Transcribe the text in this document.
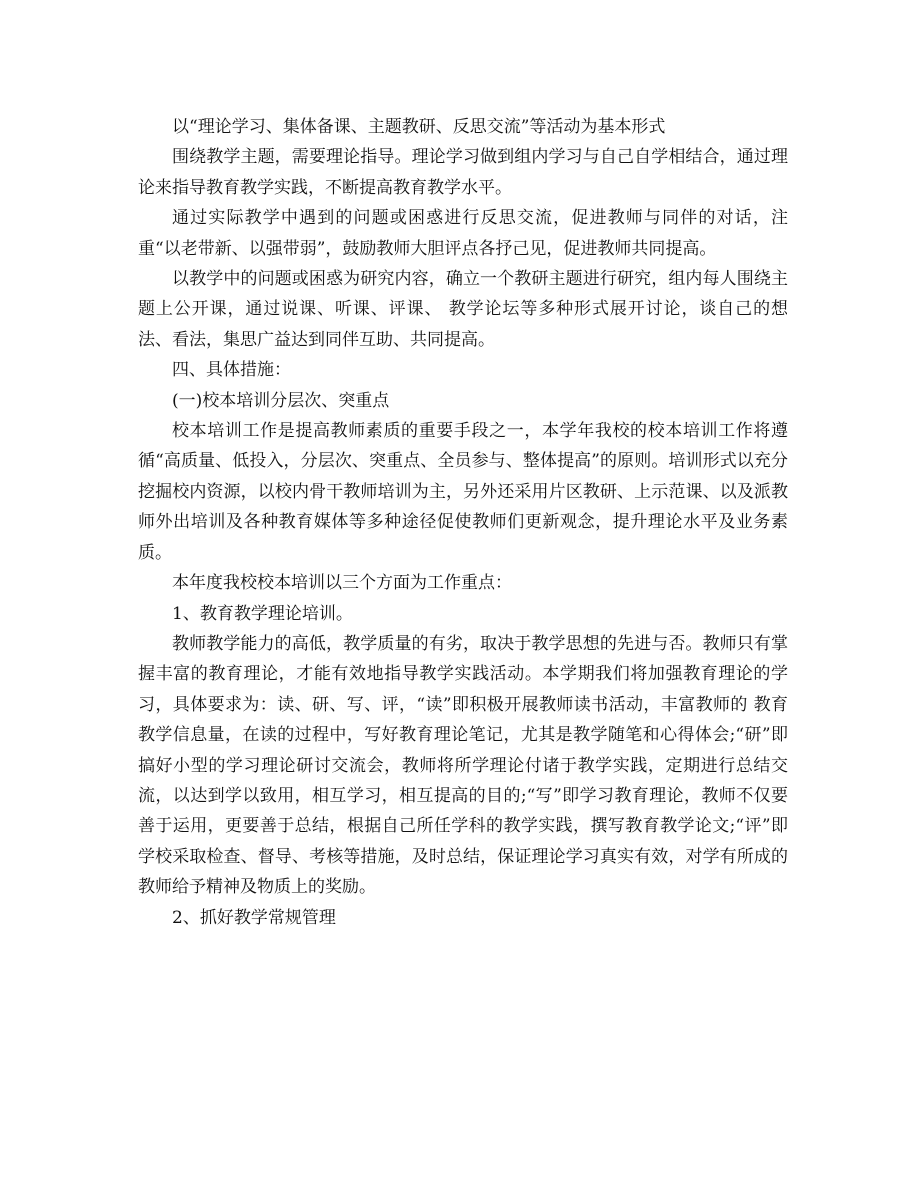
以“理论学习、集体备课、主题教研、反思交流”等活动为基本形式

围绕教学主题，需要理论指导。理论学习做到组内学习与自己自学相结合，通过理论来指导教育教学实践，不断提高教育教学水平。

通过实际教学中遇到的问题或困惑进行反思交流，促进教师与同伴的对话，注重“以老带新、以强带弱”，鼓励教师大胆评点各抒己见，促进教师共同提高。

以教学中的问题或困惑为研究内容，确立一个教研主题进行研究，组内每人围绕主题上公开课，通过说课、听课、评课、 教学论坛等多种形式展开讨论，谈自己的想法、看法，集思广益达到同伴互助、共同提高。

四、具体措施：

(一)校本培训分层次、突重点

校本培训工作是提高教师素质的重要手段之一，本学年我校的校本培训工作将遵循“高质量、低投入，分层次、突重点、全员参与、整体提高”的原则。培训形式以充分挖掘校内资源，以校内骨干教师培训为主，另外还采用片区教研、上示范课、以及派教师外出培训及各种教育媒体等多种途径促使教师们更新观念，提升理论水平及业务素质。

本年度我校校本培训以三个方面为工作重点：

1、教育教学理论培训。

教师教学能力的高低，教学质量的有劣，取决于教学思想的先进与否。教师只有掌握丰富的教育理论，才能有效地指导教学实践活动。本学期我们将加强教育理论的学习，具体要求为：读、研、写、评，“读”即积极开展教师读书活动，丰富教师的 教育教学信息量，在读的过程中，写好教育理论笔记，尤其是教学随笔和心得体会;“研”即搞好小型的学习理论研讨交流会，教师将所学理论付诸于教学实践，定期进行总结交流，以达到学以致用，相互学习，相互提高的目的;“写”即学习教育理论，教师不仅要善于运用，更要善于总结，根据自己所任学科的教学实践，撰写教育教学论文;“评”即学校采取检查、督导、考核等措施，及时总结，保证理论学习真实有效，对学有所成的教师给予精神及物质上的奖励。

2、抓好教学常规管理
